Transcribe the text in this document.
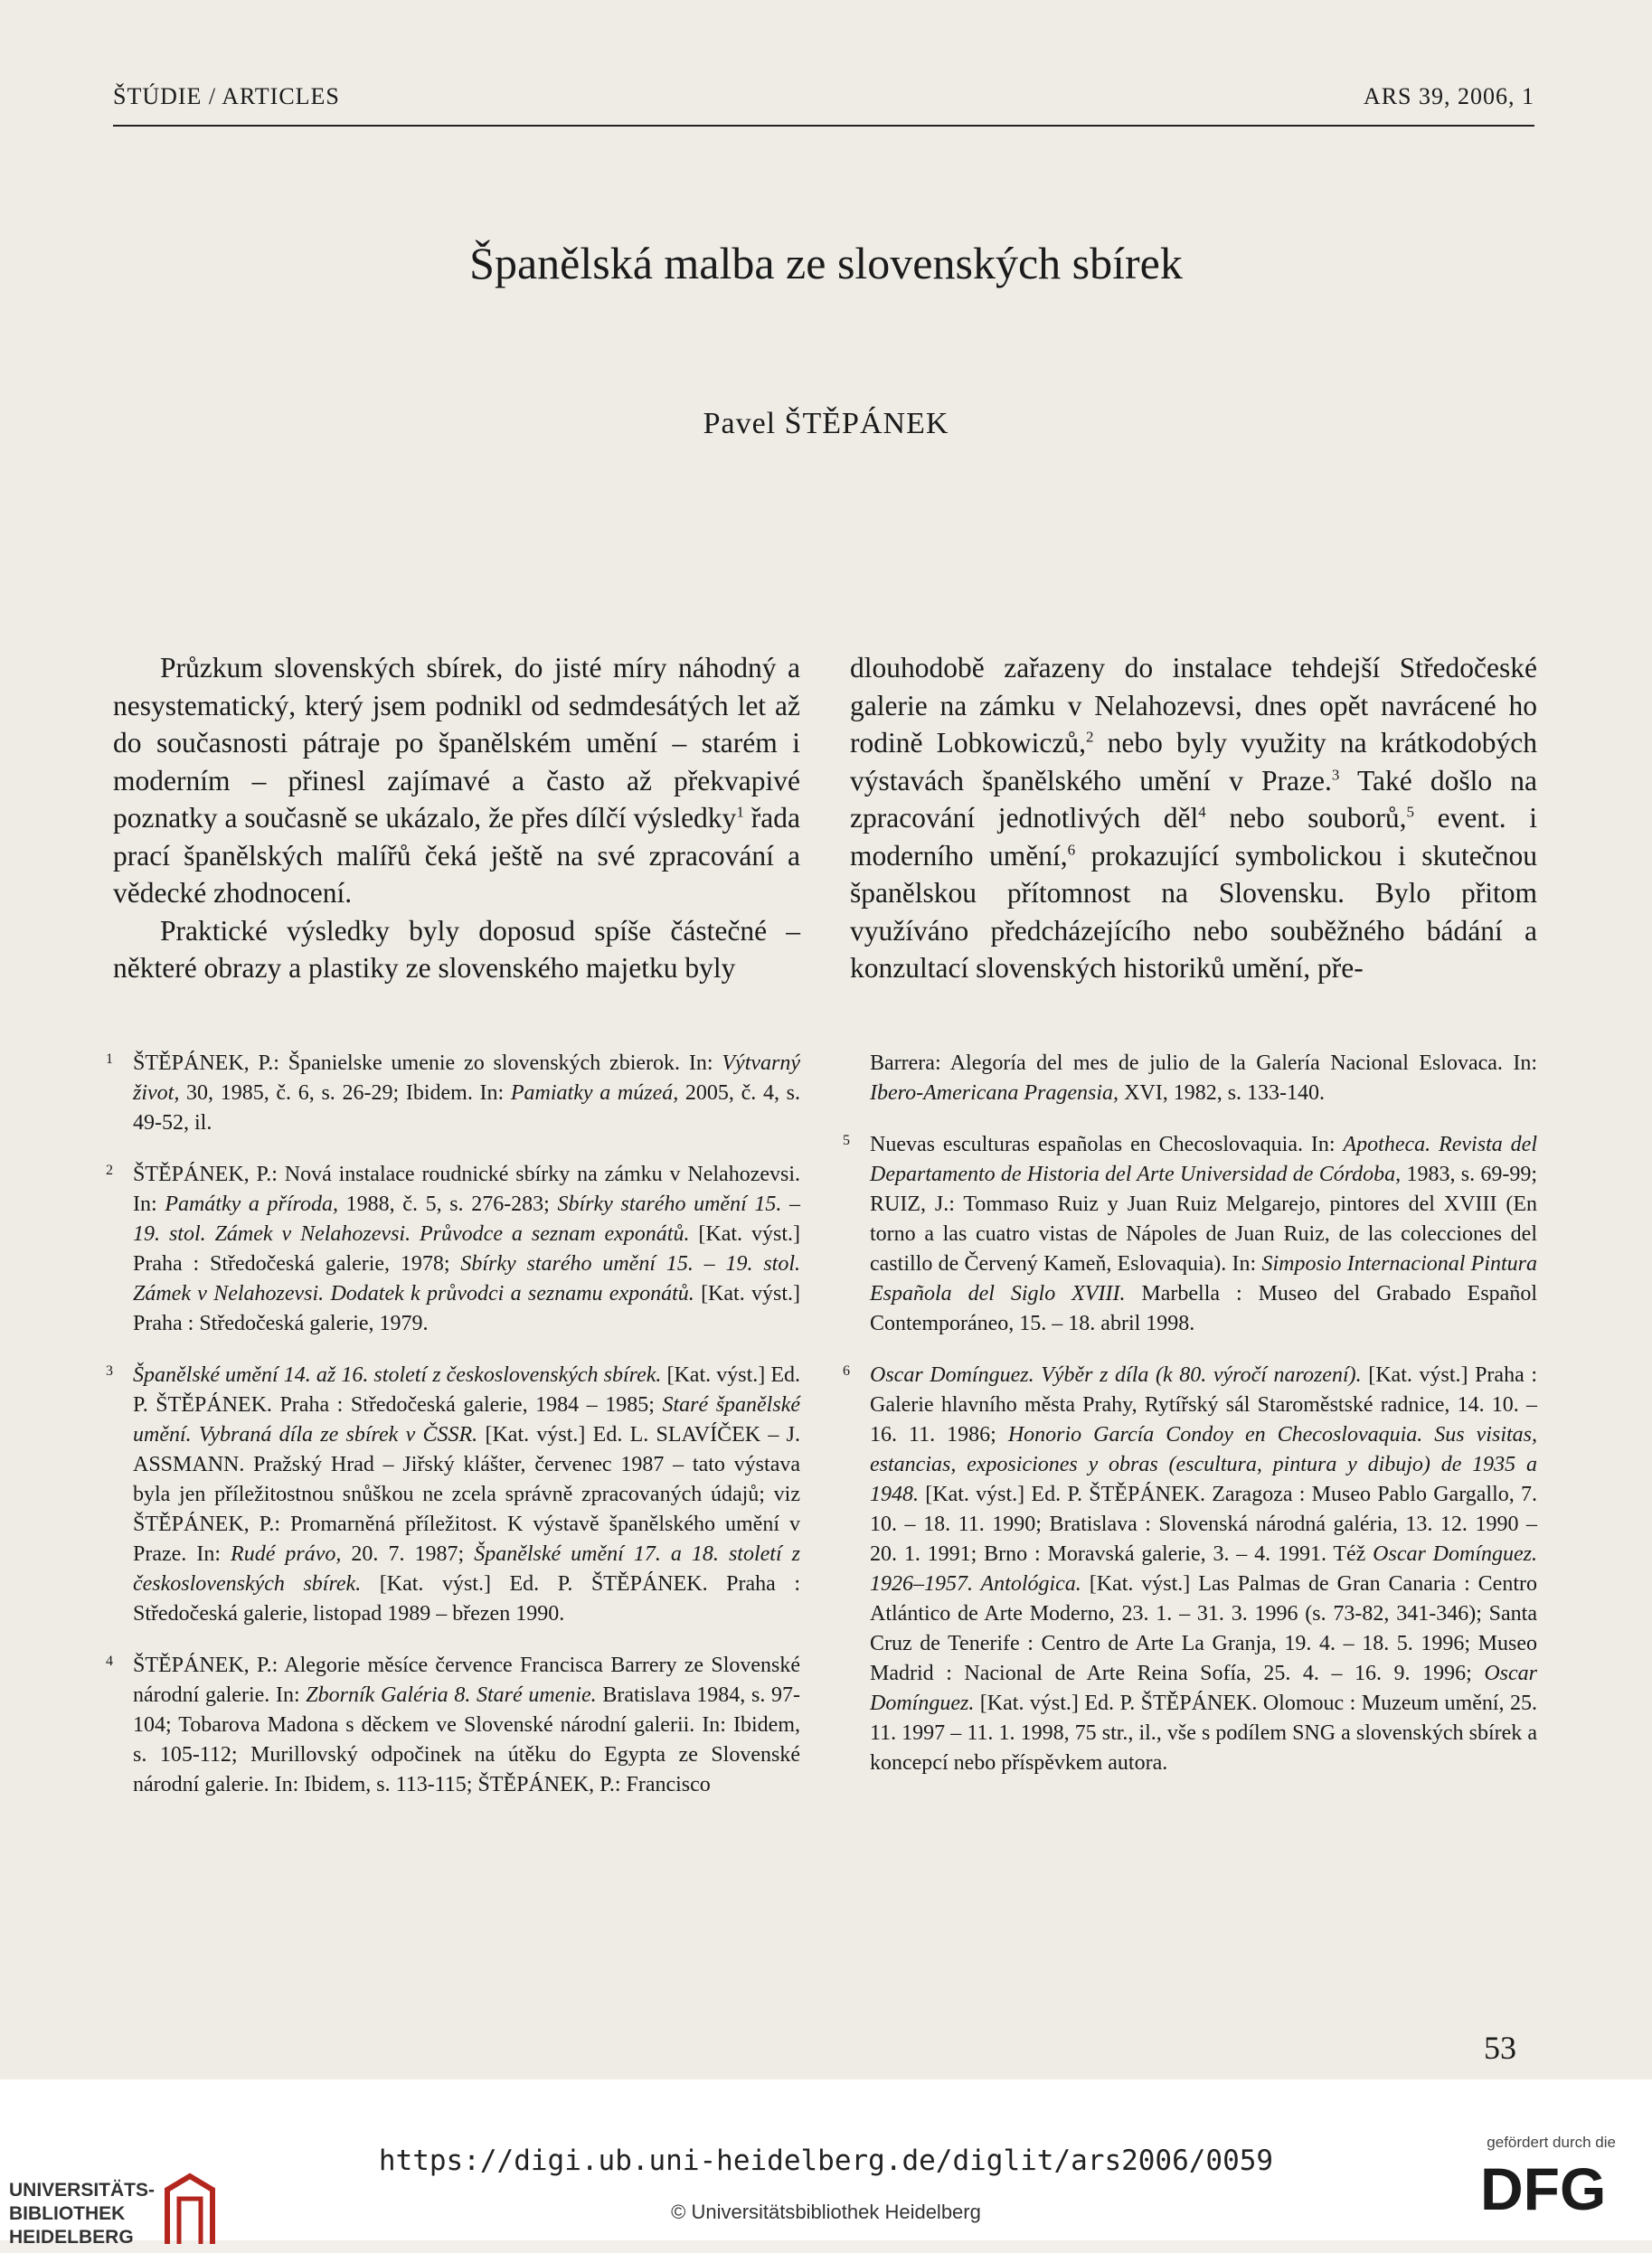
ŠTÚDIE / ARTICLES	ARS 39, 2006, 1
Španělská malba ze slovenských sbírek
Pavel ŠTĚPÁNEK

Průzkum slovenských sbírek, do jisté míry náhodný a nesystematický, který jsem podnikl od sedmdesátých let až do současnosti pátraje po španělském umění – starém i moderním – přinesl zajímavé a často až překvapivé poznatky a současně se ukázalo, že přes dílčí výsledky$^1$ řada prací španělských malířů čeká ještě na své zpracování a vědecké zhodnocení.

Praktické výsledky byly doposud spíše částečné – některé obrazy a plastiky ze slovenského majetku byly

dlouhodobě zařazeny do instalace tehdejší Středočeské galerie na zámku v Nelahozevsi, dnes opět navrácené ho rodině Lobkowiczů,$^2$ nebo byly využity na krátkodobých výstavách španělského umění v Praze.$^3$ Také došlo na zpracování jednotlivých děl$^4$ nebo souborů,$^5$ event. i moderního umění,$^6$ prokazující symbolickou i skutečnou španělskou přítomnost na Slovensku. Bylo přitom využíváno předcházejícího nebo souběžného bádání a konzultací slovenských historiků umění, pře-

1 ŠTĚPÁNEK, P.: Španielske umenie zo slovenských zbierok. In: Výtvarný život, 30, 1985, č. 6, s. 26-29; Ibidem. In: Pamiatky a múzeá, 2005, č. 4, s. 49-52, il.
2 ŠTĚPÁNEK, P.: Nová instalace roudnické sbírky na zámku v Nelahozevsi. In: Památky a příroda, 1988, č. 5, s. 276-283; Sbírky starého umění 15. – 19. stol. Zámek v Nelahozevsi. Průvodce a seznam exponátů. [Kat. výst.] Praha : Středočeská galerie, 1978; Sbírky starého umění 15. – 19. stol. Zámek v Nelahozevsi. Dodatek k průvodci a seznamu exponátů. [Kat. výst.] Praha : Středočeská galerie, 1979.
3 Španělské umění 14. až 16. století z československých sbírek. [Kat. výst.] Ed. P. ŠTĚPÁNEK. Praha : Středočeská galerie, 1984 – 1985; Staré španělské umění. Vybraná díla ze sbírek v ČSSR. [Kat. výst.] Ed. L. SLAVÍČEK – J. ASSMANN. Pražský Hrad – Jiřský klášter, červenec 1987 – tato výstava byla jen příležitostnou snůškou ne zcela správně zpracovaných údajů; viz ŠTĚPÁNEK, P.: Promarněná příležitost. K výstavě španělského umění v Praze. In: Rudé právo, 20. 7. 1987; Španělské umění 17. a 18. století z československých sbírek. [Kat. výst.] Ed. P. ŠTĚPÁNEK. Praha : Středočeská galerie, listopad 1989 – březen 1990.
4 ŠTĚPÁNEK, P.: Alegorie měsíce července Francisca Barrery ze Slovenské národní galerie. In: Zborník Galéria 8. Staré umenie. Bratislava 1984, s. 97-104; Tobarova Madona s děckem ve Slovenské národní galerii. In: Ibidem, s. 105-112; Murillovský odpočinek na útěku do Egypta ze Slovenské národní galerie. In: Ibidem, s. 113-115; ŠTĚPÁNEK, P.: Francisco
Barrera: Alegoría del mes de julio de la Galería Nacional Eslovaca. In: Ibero-Americana Pragensia, XVI, 1982, s. 133-140.
5 Nuevas esculturas españolas en Checoslovaquia. In: Apotheca. Revista del Departamento de Historia del Arte Universidad de Córdoba, 1983, s. 69-99; RUIZ, J.: Tommaso Ruiz y Juan Ruiz Melgarejo, pintores del XVIII (En torno a las cuatro vistas de Nápoles de Juan Ruiz, de las colecciones del castillo de Červený Kameň, Eslovaquia). In: Simposio Internacional Pintura Española del Siglo XVIII. Marbella : Museo del Grabado Español Contemporáneo, 15. – 18. abril 1998.
6 Oscar Domínguez. Výběr z díla (k 80. výročí narození). [Kat. výst.] Praha : Galerie hlavního města Prahy, Rytířský sál Staroměstské radnice, 14. 10. – 16. 11. 1986; Honorio García Condoy en Checoslovaquia. Sus visitas, estancias, exposiciones y obras (escultura, pintura y dibujo) de 1935 a 1948. [Kat. výst.] Ed. P. ŠTĚPÁNEK. Zaragoza : Museo Pablo Gargallo, 7. 10. – 18. 11. 1990; Bratislava : Slovenská národná galéria, 13. 12. 1990 – 20. 1. 1991; Brno : Moravská galerie, 3. – 4. 1991. Též Oscar Domínguez. 1926–1957. Antológica. [Kat. výst.] Las Palmas de Gran Canaria : Centro Atlántico de Arte Moderno, 23. 1. – 31. 3. 1996 (s. 73-82, 341-346); Santa Cruz de Tenerife : Centro de Arte La Granja, 19. 4. – 18. 5. 1996; Museo Madrid : Nacional de Arte Reina Sofía, 25. 4. – 16. 9. 1996; Oscar Domínguez. [Kat. výst.] Ed. P. ŠTĚPÁNEK. Olomouc : Muzeum umění, 25. 11. 1997 – 11. 1. 1998, 75 str., il., vše s podílem SNG a slovenských sbírek a koncepcí nebo příspěvkem autora.
53
UNIVERSITÄTS-
BIBLIOTHEK
HEIDELBERG
https://digi.ub.uni-heidelberg.de/diglit/ars2006/0059
© Universitätsbibliothek Heidelberg
gefördert durch die
DFG
